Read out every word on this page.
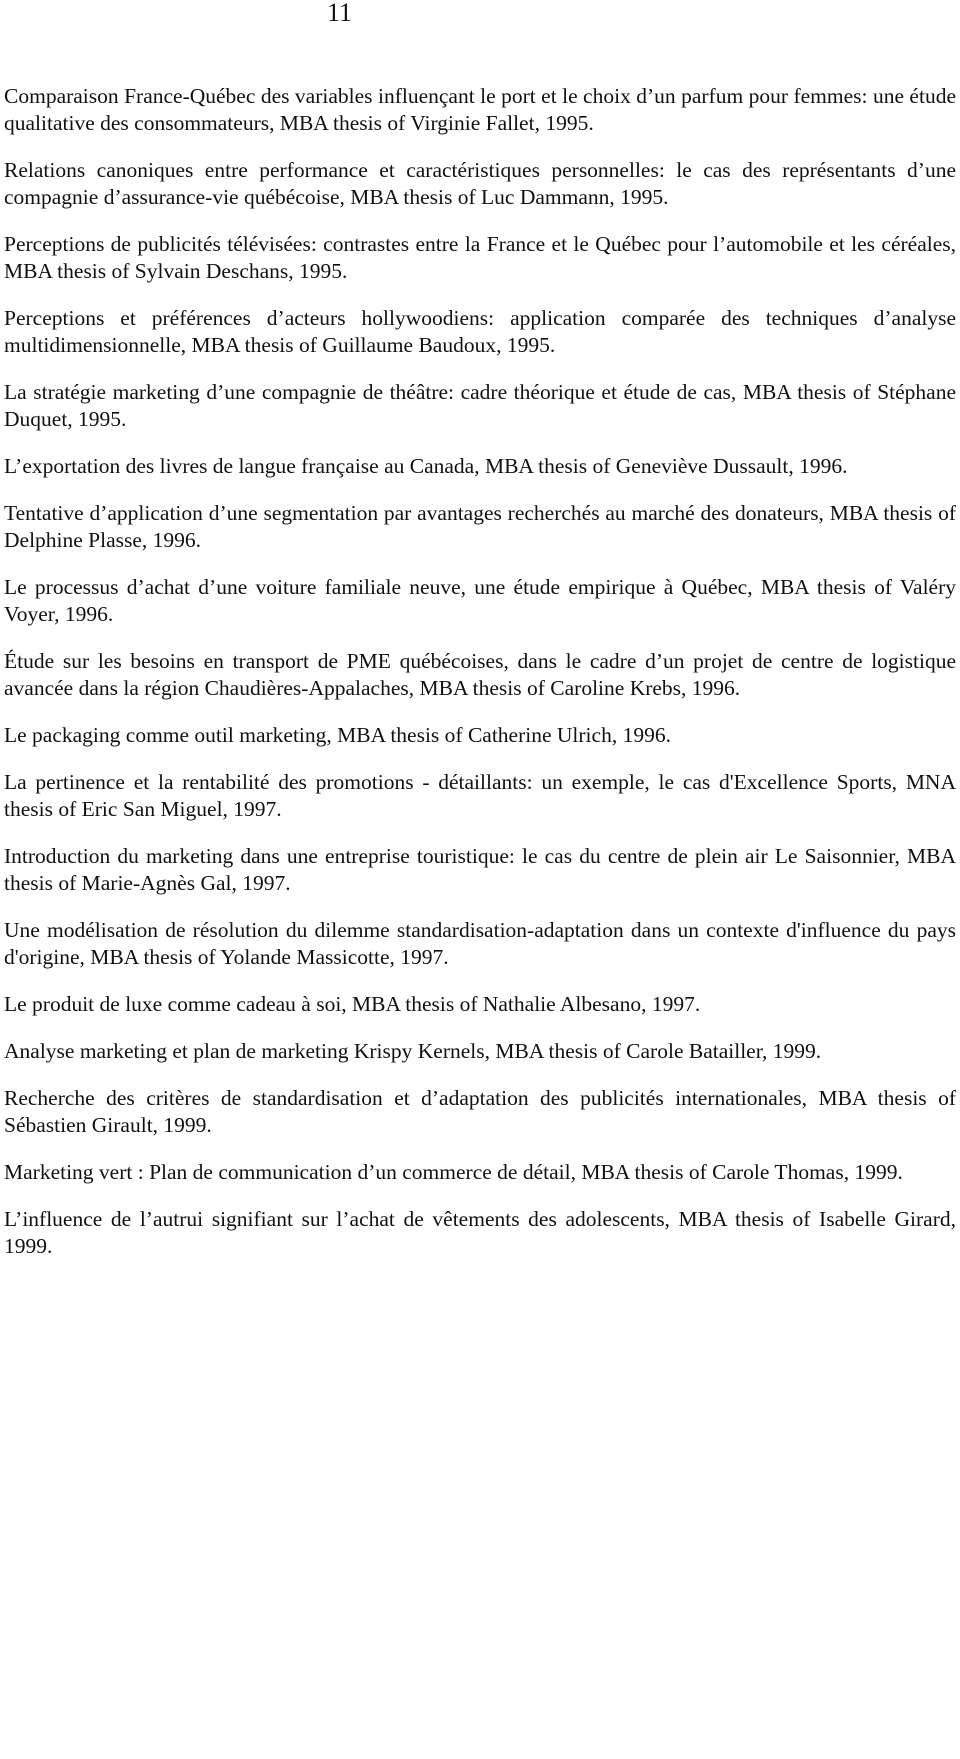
11

Comparaison France-Québec des variables influençant le port et le choix d’un parfum pour femmes: une étude qualitative des consommateurs, MBA thesis of Virginie Fallet, 1995.

Relations canoniques entre performance et caractéristiques personnelles: le cas des représentants d’une compagnie d’assurance-vie québécoise, MBA thesis of Luc Dammann, 1995.

Perceptions de publicités télévisées: contrastes entre la France et le Québec pour l’automobile et les céréales, MBA thesis of Sylvain Deschans, 1995.

Perceptions et préférences d’acteurs hollywoodiens: application comparée des techniques d’analyse multidimensionnelle, MBA thesis of Guillaume Baudoux, 1995.

La stratégie marketing d’une compagnie de théâtre: cadre théorique et étude de cas, MBA thesis of Stéphane Duquet, 1995.

L’exportation des livres de langue française au Canada, MBA thesis of Geneviève Dussault, 1996.

Tentative d’application d’une segmentation par avantages recherchés au marché des donateurs, MBA thesis of Delphine Plasse, 1996.

Le processus d’achat d’une voiture familiale neuve, une étude empirique à Québec, MBA thesis of Valéry Voyer, 1996.

Étude sur les besoins en transport de PME québécoises, dans le cadre d’un projet de centre de logistique avancée dans la région Chaudières-Appalaches, MBA thesis of Caroline Krebs, 1996.

Le packaging comme outil marketing, MBA thesis of Catherine Ulrich, 1996.

La pertinence et la rentabilité des promotions - détaillants: un exemple, le cas d'Excellence Sports, MNA thesis of Eric San Miguel, 1997.

Introduction du marketing dans une entreprise touristique: le cas du centre de plein air Le Saisonnier, MBA thesis of Marie-Agnès Gal, 1997.

Une modélisation de résolution du dilemme standardisation-adaptation dans un contexte d'influence du pays d'origine, MBA thesis of Yolande Massicotte, 1997.

Le produit de luxe comme cadeau à soi, MBA thesis of Nathalie Albesano, 1997.

Analyse marketing et plan de marketing Krispy Kernels, MBA thesis of Carole Batailler, 1999.

Recherche des critères de standardisation et d’adaptation des publicités internationales, MBA thesis of Sébastien Girault, 1999.

Marketing vert : Plan de communication d’un commerce de détail, MBA thesis of Carole Thomas, 1999.

L’influence de l’autrui signifiant sur l’achat de vêtements des adolescents, MBA thesis of Isabelle Girard, 1999.
